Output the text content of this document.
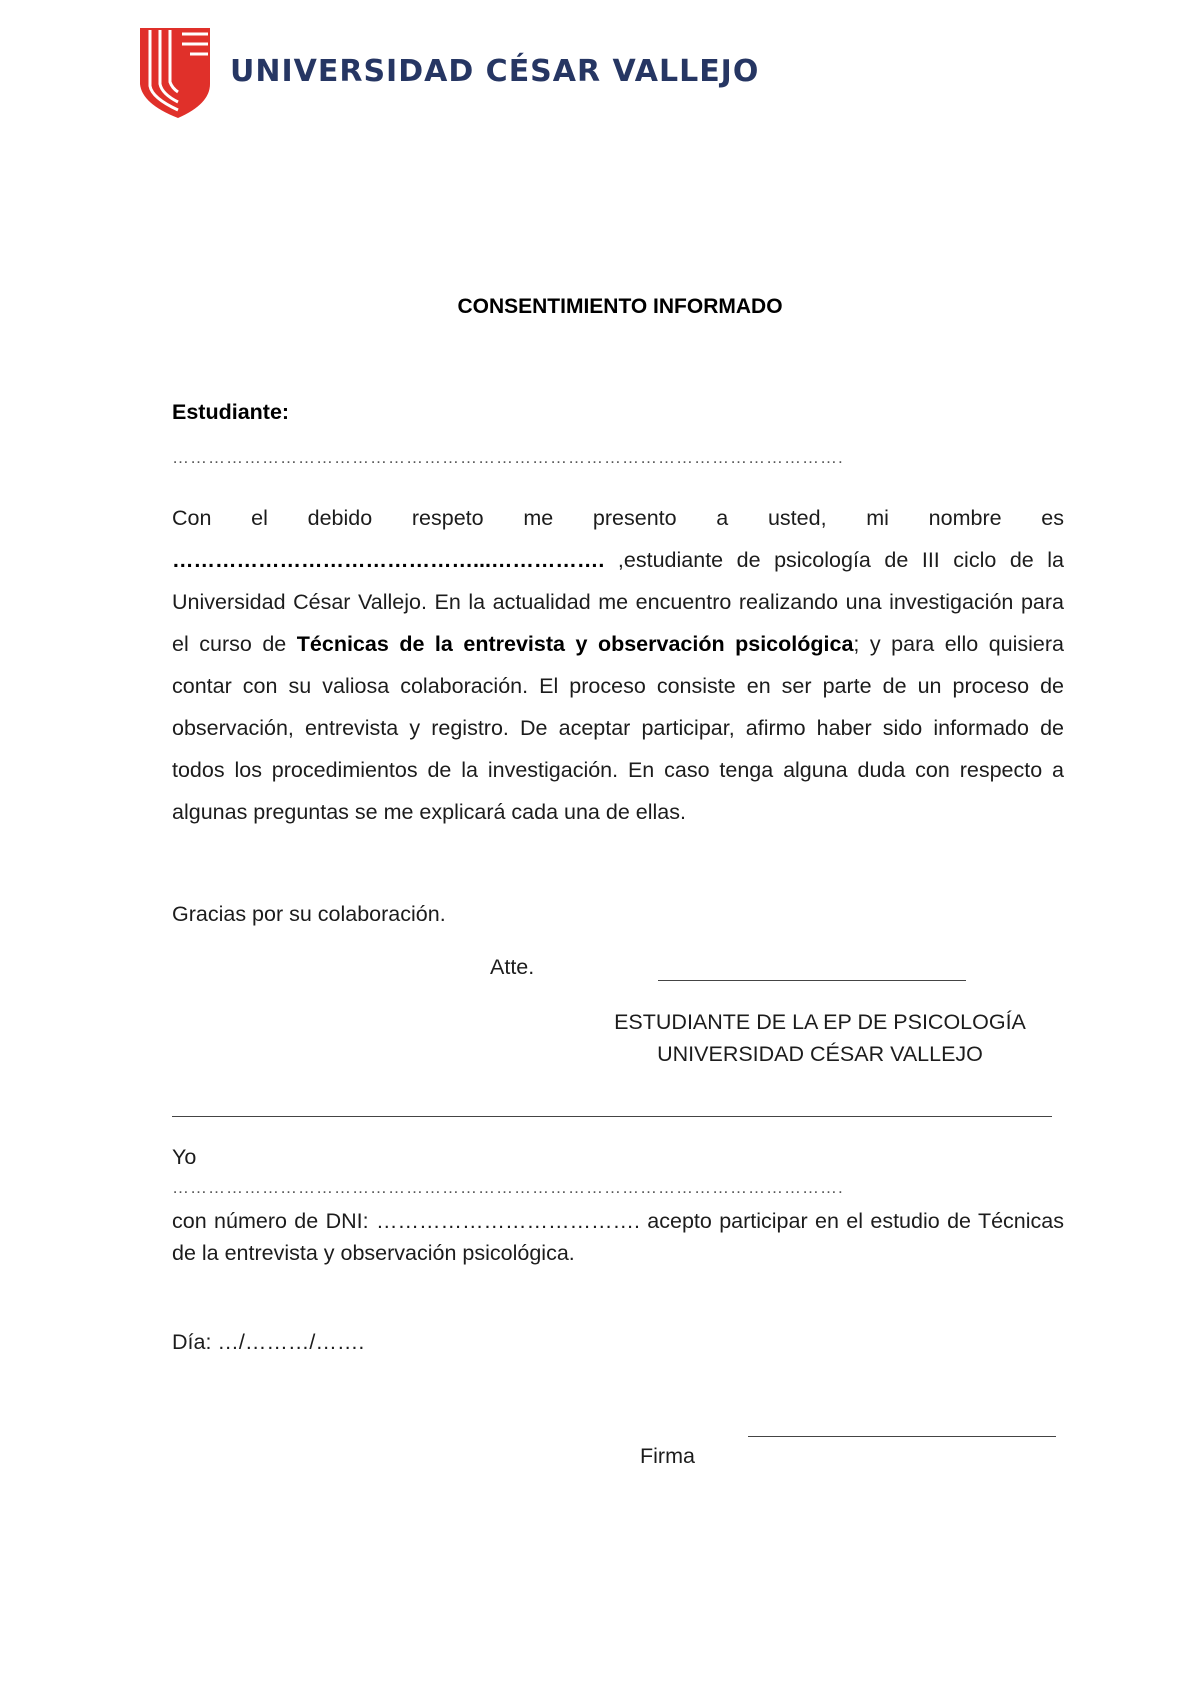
UNIVERSIDAD CÉSAR VALLEJO
CONSENTIMIENTO INFORMADO
Estudiante:
………………………………………………………………………………………………….

Con el debido respeto me presento a usted, mi nombre es ……………………………………...……………. ,estudiante de psicología de III ciclo de la Universidad César Vallejo. En la actualidad me encuentro realizando una investigación para el curso de Técnicas de la entrevista y observación psicológica; y para ello quisiera contar con su valiosa colaboración. El proceso consiste en ser parte de un proceso de observación, entrevista y registro. De aceptar participar, afirmo haber sido informado de todos los procedimientos de la investigación. En caso tenga alguna duda con respecto a algunas preguntas se me explicará cada una de ellas.

Gracias por su colaboración.
Atte.
ESTUDIANTE DE LA EP DE PSICOLOGÍA
UNIVERSIDAD CÉSAR VALLEJO
Yo
………………………………………………………………………………………………….

con número de DNI: ………………………………. acepto participar en el estudio de Técnicas de la entrevista y observación psicológica.

Día: …/………/…….
Firma
